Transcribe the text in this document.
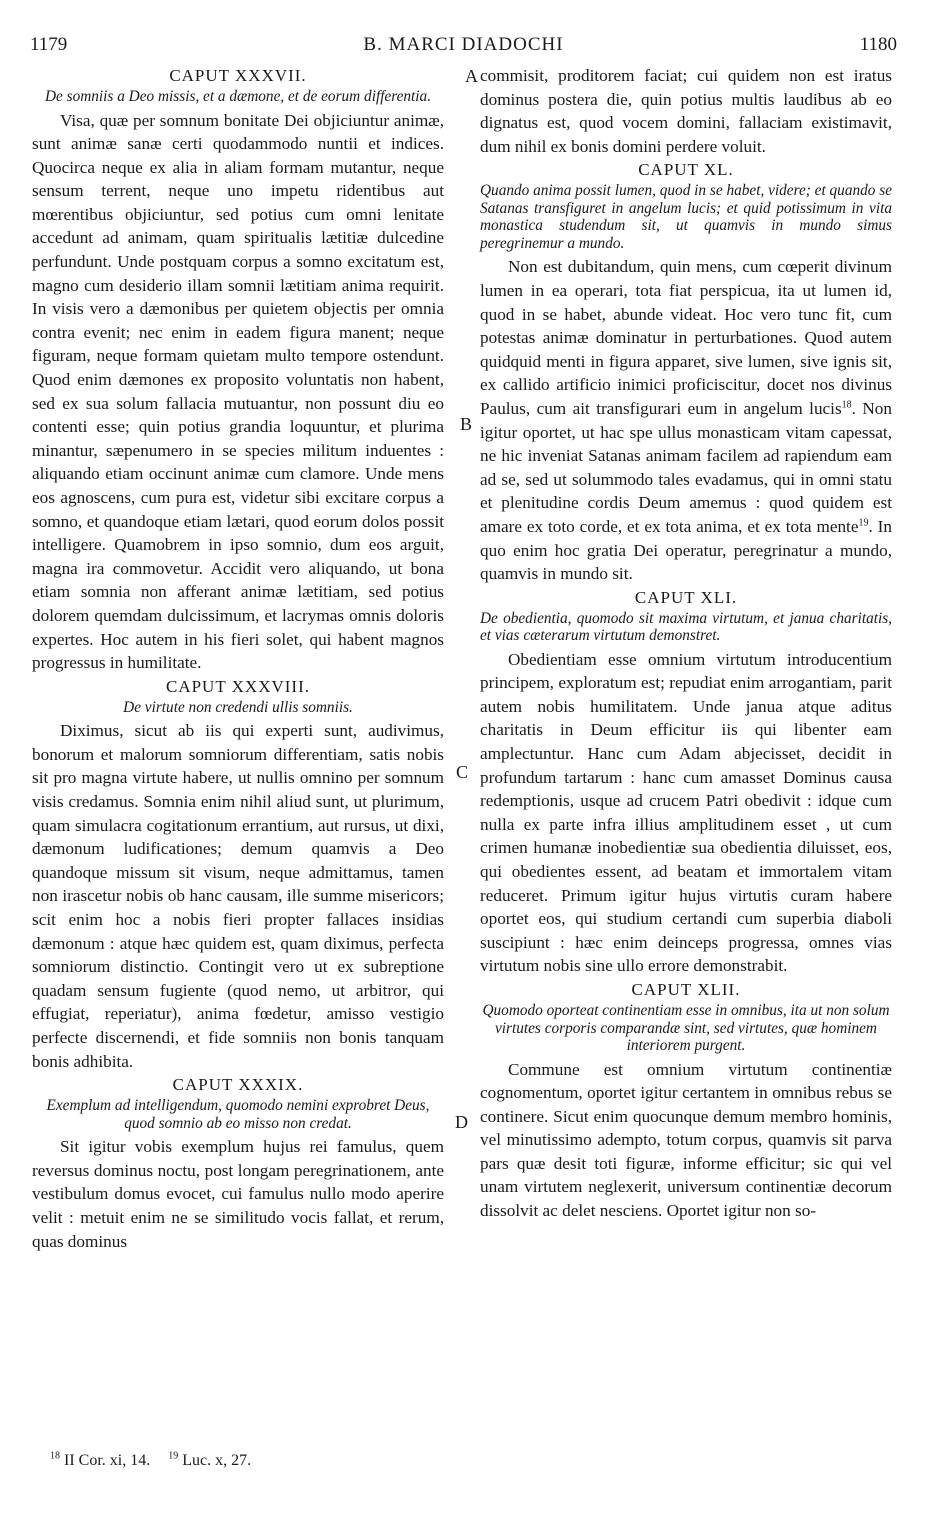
1179	B. MARCI DIADOCHI	1180
CAPUT XXXVII.
De somniis a Deo missis, et a dæmone, et de eorum differentia.

Visa, quæ per somnum bonitate Dei objiciuntur animæ, sunt animæ sanæ certi quodammodo nuntii et indices. Quocirca neque ex alia in aliam formam mutantur, neque sensum terrent, neque uno impetu ridentibus aut mœrentibus objiciuntur, sed potius cum omni lenitate accedunt ad animam, quam spiritualis lætitiæ dulcedine perfundunt. Unde postquam corpus a somno excitatum est, magno cum desiderio illam somnii lætitiam anima requirit. In visis vero a dæmonibus per quietem objectis per omnia contra evenit; nec enim in eadem figura manent; neque figuram, neque formam quietam multo tempore ostendunt. Quod enim dæmones ex proposito voluntatis non habent, sed ex sua solum fallacia mutuantur, non possunt diu eo contenti esse; quin potius grandia loquuntur, et plurima minantur, sæpenumero in se species militum induentes : aliquando etiam occinunt animæ cum clamore. Unde mens eos agnoscens, cum pura est, videtur sibi excitare corpus a somno, et quandoque etiam lætari, quod eorum dolos possit intelligere. Quamobrem in ipso somnio, dum eos arguit, magna ira commovetur. Accidit vero aliquando, ut bona etiam somnia non afferant animæ lætitiam, sed potius dolorem quemdam dulcissimum, et lacrymas omnis doloris expertes. Hoc autem in his fieri solet, qui habent magnos progressus in humilitate.

CAPUT XXXVIII.
De virtute non credendi ullis somniis.

Diximus, sicut ab iis qui experti sunt, audivimus, bonorum et malorum somniorum differentiam, satis nobis sit pro magna virtute habere, ut nullis omnino per somnum visis credamus. Somnia enim nihil aliud sunt, ut plurimum, quam simulacra cogitationum errantium, aut rursus, ut dixi, dæmonum ludificationes; demum quamvis a Deo quandoque missum sit visum, neque admittamus, tamen non irascetur nobis ob hanc causam, ille summe misericors; scit enim hoc a nobis fieri propter fallaces insidias dæmonum : atque hæc quidem est, quam diximus, perfecta somniorum distinctio. Contingit vero ut ex subreptione quadam sensum fugiente (quod nemo, ut arbitror, qui effugiat, reperiatur), anima fœdetur, amisso vestigio perfecte discernendi, et fide somniis non bonis tanquam bonis adhibita.

CAPUT XXXIX.
Exemplum ad intelligendum, quomodo nemini exprobret Deus, quod somnio ab eo misso non credat.

Sit igitur vobis exemplum hujus rei famulus, quem reversus dominus noctu, post longam peregrinationem, ante vestibulum domus evocet, cui famulus nullo modo aperire velit : metuit enim ne se similitudo vocis fallat, et rerum, quas dominus

A
B
C
D

commisit, proditorem faciat; cui quidem non est iratus dominus postera die, quin potius multis laudibus ab eo dignatus est, quod vocem domini, fallaciam existimavit, dum nihil ex bonis domini perdere voluit.

CAPUT XL.
Quando anima possit lumen, quod in se habet, videre; et quando se Satanas transfiguret in angelum lucis; et quid potissimum in vita monastica studendum sit, ut quamvis in mundo simus peregrinemur a mundo.

Non est dubitandum, quin mens, cum cœperit divinum lumen in ea operari, tota fiat perspicua, ita ut lumen id, quod in se habet, abunde videat. Hoc vero tunc fit, cum potestas animæ dominatur in perturbationes. Quod autem quidquid menti in figura apparet, sive lumen, sive ignis sit, ex callido artificio inimici proficiscitur, docet nos divinus Paulus, cum ait transfigurari eum in angelum lucis$^{18}$. Non igitur oportet, ut hac spe ullus monasticam vitam capessat, ne hic inveniat Satanas animam facilem ad rapiendum eam ad se, sed ut solummodo tales evadamus, qui in omni statu et plenitudine cordis Deum amemus : quod quidem est amare ex toto corde, et ex tota anima, et ex tota mente$^{19}$. In quo enim hoc gratia Dei operatur, peregrinatur a mundo, quamvis in mundo sit.

CAPUT XLI.
De obedientia, quomodo sit maxima virtutum, et janua charitatis, et vias cæterarum virtutum demonstret.

Obedientiam esse omnium virtutum introducentium principem, exploratum est; repudiat enim arrogantiam, parit autem nobis humilitatem. Unde janua atque aditus charitatis in Deum efficitur iis qui libenter eam amplectuntur. Hanc cum Adam abjecisset, decidit in profundum tartarum : hanc cum amasset Dominus causa redemptionis, usque ad crucem Patri obedivit : idque cum nulla ex parte infra illius amplitudinem esset , ut cum crimen humanæ inobedientiæ sua obedientia diluisset, eos, qui obedientes essent, ad beatam et immortalem vitam reduceret. Primum igitur hujus virtutis curam habere oportet eos, qui studium certandi cum superbia diaboli suscipiunt : hæc enim deinceps progressa, omnes vias virtutum nobis sine ullo errore demonstrabit.

CAPUT XLII.
Quomodo oporteat continentiam esse in omnibus, ita ut non solum virtutes corporis comparandæ sint, sed virtutes, quæ hominem interiorem purgent.

Commune est omnium virtutum continentiæ cognomentum, oportet igitur certantem in omnibus rebus se continere. Sicut enim quocunque demum membro hominis, vel minutissimo adempto, totum corpus, quamvis sit parva pars quæ desit toti figuræ, informe efficitur; sic qui vel unam virtutem neglexerit, universum continentiæ decorum dissolvit ac delet nesciens. Oportet igitur non so-

$^{18}$ II Cor. xi, 14. $^{19}$ Luc. x, 27.
